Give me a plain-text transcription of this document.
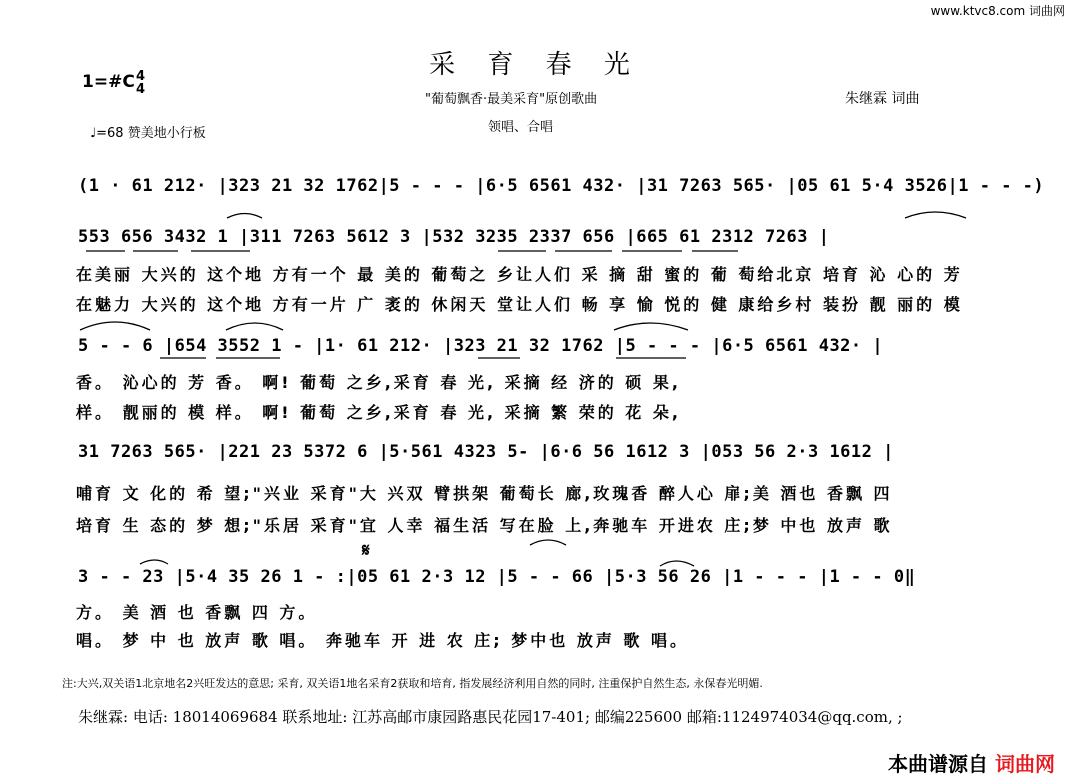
www.ktvc8.com 词曲网
采 育 春 光
1=#C 4
4
"葡萄飘香·最美采育"原创歌曲	朱继霖 词曲
♩=68 赞美地小行板	领唱、合唱
(1 · 61 212· |323 21 32 1762|5 - - - |6·5 6561 432· |31 7263 565· |05 61 5·4 3526|1 - - -)
553 656 3432 1 |311 7263 5612 3 |532 3235 2337 656 |665 61 2312 7263 |
在美丽 大兴的 这个地 方有一个 最 美的 葡萄之 乡让人们 采 摘 甜 蜜的 葡 萄给北京 培育 沁 心的 芳
在魅力 大兴的 这个地 方有一片 广 袤的 休闲天 堂让人们 畅 享 愉 悦的 健 康给乡村 装扮 靓 丽的 模
5 - - 6 |654 3552 1 - |1· 61 212· |323 21 32 1762 |5 - - - |6·5 6561 432· |
香。 沁心的 芳 香。 啊! 葡萄 之乡,采育 春 光, 采摘 经 济的 硕 果,
样。 靓丽的 模 样。 啊! 葡萄 之乡,采育 春 光, 采摘 繁 荣的 花 朵,
31 7263 565· |221 23 5372 6 |5·561 4323 5- |6·6 56 1612 3 |053 56 2·3 1612 |
哺育 文 化的 希 望;"兴业 采育"大 兴双 臂拱架 葡萄长 廊,玫瑰香 醉人心 扉;美 酒也 香飘 四
培育 生 态的 梦 想;"乐居 采育"宜 人幸 福生活 写在脸 上,奔驰车 开进农 庄;梦 中也 放声 歌
𝄋
3 - - 23 |5·4 35 26 1 - :|05 61 2·3 12 |5 - - 66 |5·3 56 26 |1 - - - |1 - - 0‖
方。 美 酒 也 香飘 四 方。
唱。 梦 中 也 放声 歌 唱。 奔驰车 开 进 农 庄; 梦中也 放声 歌 唱。
注:大兴,双关语1北京地名2兴旺发达的意思; 采育, 双关语1地名采育2获取和培育, 指发展经济利用自然的同时, 注重保护自然生态, 永保春光明媚.
朱继霖: 电话: 18014069684 联系地址: 江苏高邮市康园路惠民花园17-401; 邮编225600 邮箱:1124974034@qq.com, ;
本曲谱源自 词曲网
